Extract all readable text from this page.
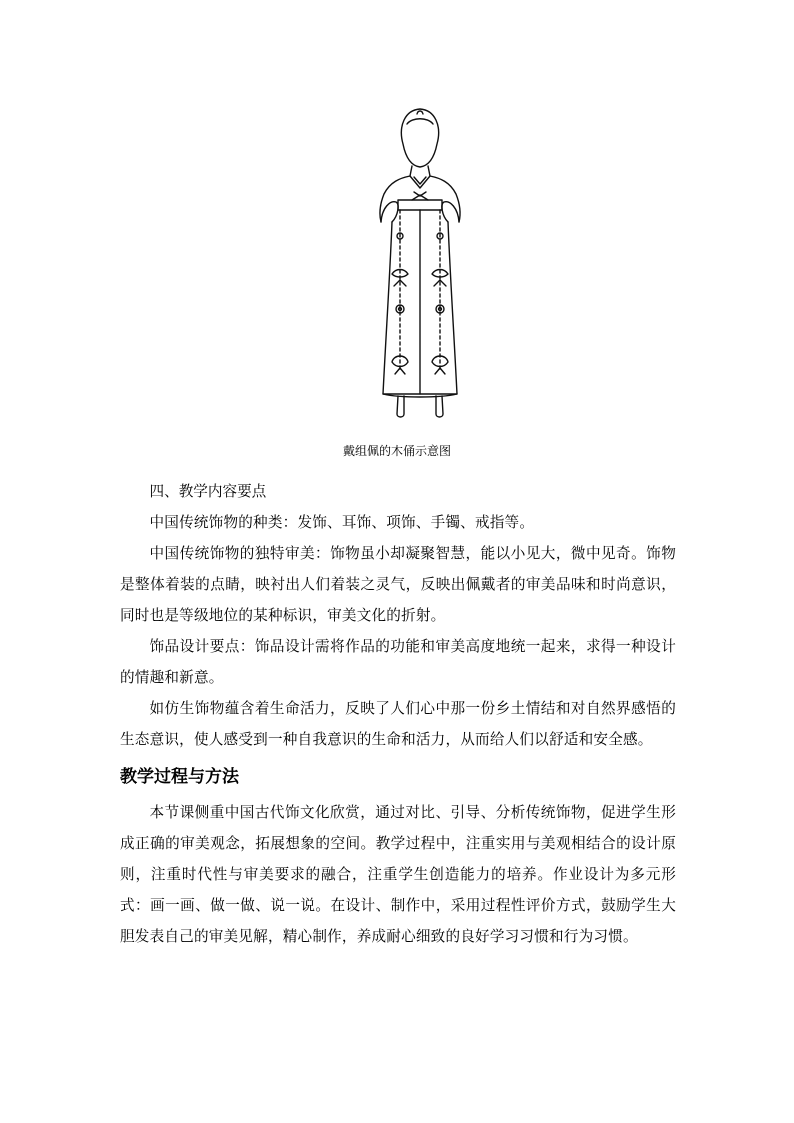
戴组佩的木俑示意图

四、教学内容要点

中国传统饰物的种类：发饰、耳饰、项饰、手镯、戒指等。

中国传统饰物的独特审美：饰物虽小却凝聚智慧，能以小见大，微中见奇。饰物是整体着装的点睛，映衬出人们着装之灵气，反映出佩戴者的审美品味和时尚意识，同时也是等级地位的某种标识，审美文化的折射。

饰品设计要点：饰品设计需将作品的功能和审美高度地统一起来，求得一种设计的情趣和新意。

如仿生饰物蕴含着生命活力，反映了人们心中那一份乡土情结和对自然界感悟的生态意识，使人感受到一种自我意识的生命和活力，从而给人们以舒适和安全感。

教学过程与方法

本节课侧重中国古代饰文化欣赏，通过对比、引导、分析传统饰物，促进学生形成正确的审美观念，拓展想象的空间。教学过程中，注重实用与美观相结合的设计原则，注重时代性与审美要求的融合，注重学生创造能力的培养。作业设计为多元形式：画一画、做一做、说一说。在设计、制作中，采用过程性评价方式，鼓励学生大胆发表自己的审美见解，精心制作，养成耐心细致的良好学习习惯和行为习惯。
